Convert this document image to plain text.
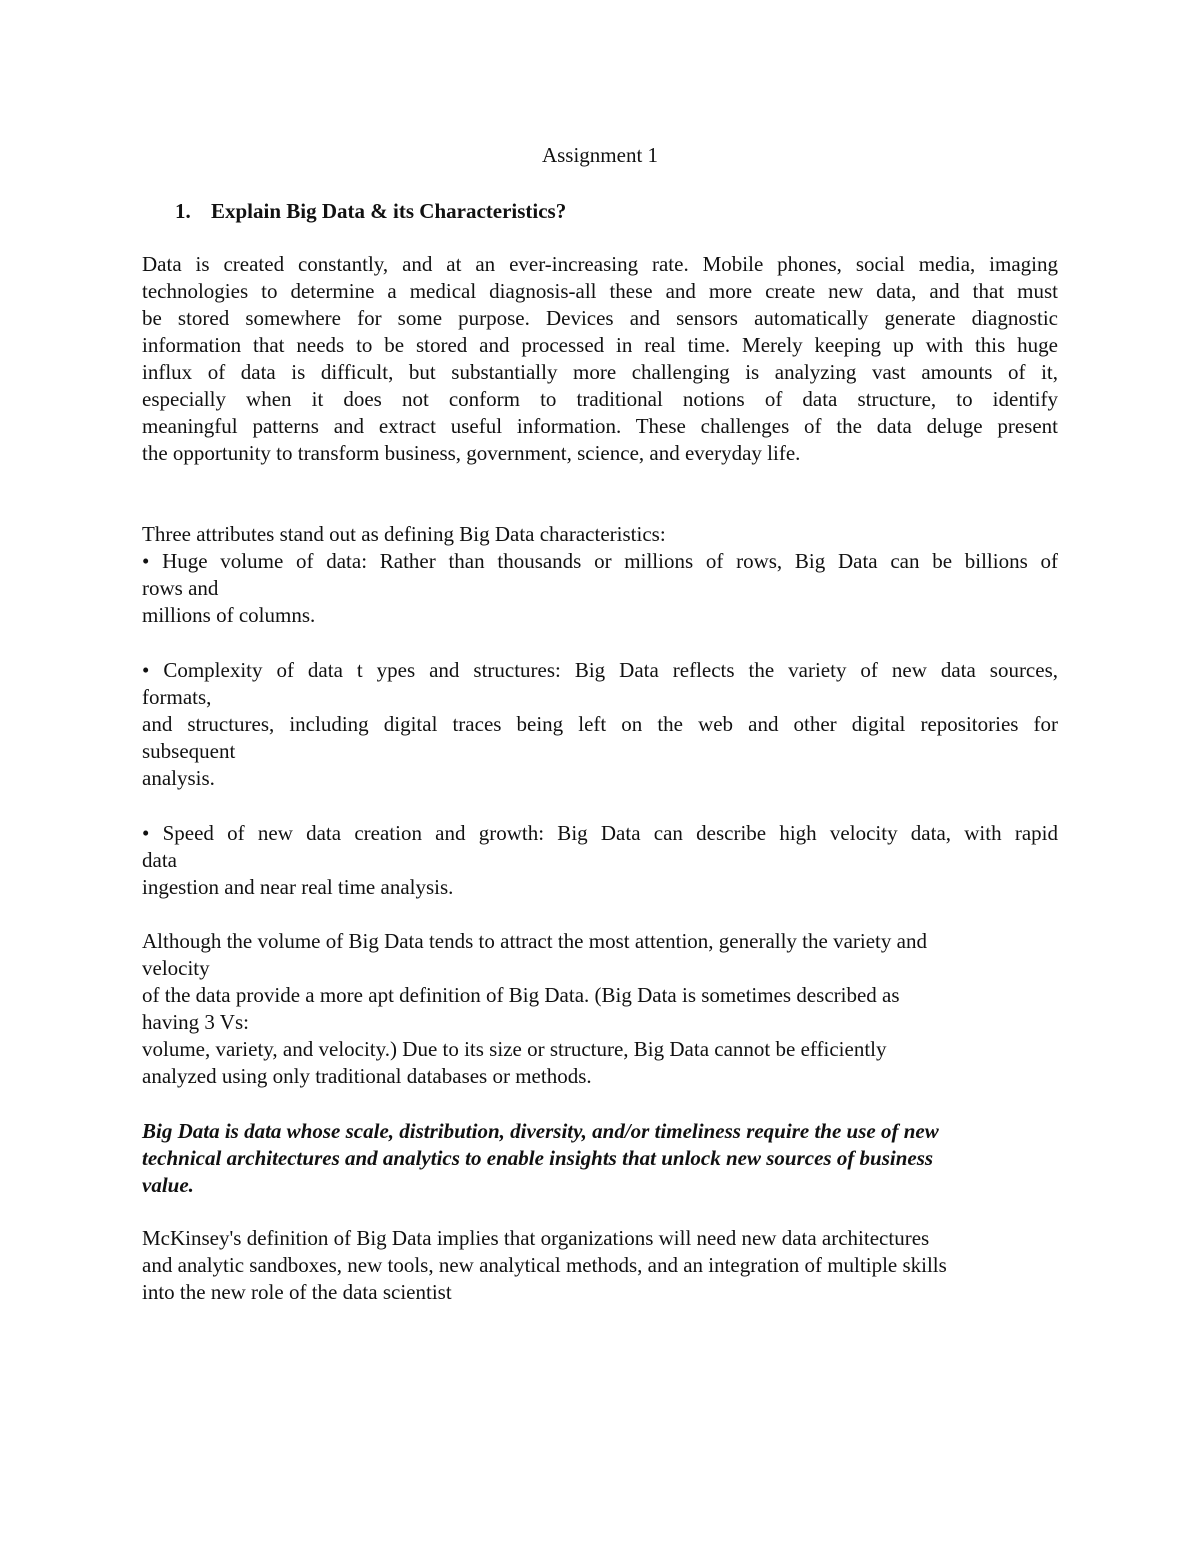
Assignment 1
1. Explain Big Data & its Characteristics?
Data is created constantly, and at an ever-increasing rate. Mobile phones, social media, imaging
technologies to determine a medical diagnosis-all these and more create new data, and that must
be stored somewhere for some purpose. Devices and sensors automatically generate diagnostic
information that needs to be stored and processed in real time. Merely keeping up with this huge
influx of data is difficult, but substantially more challenging is analyzing vast amounts of it,
especially when it does not conform to traditional notions of data structure, to identify
meaningful patterns and extract useful information. These challenges of the data deluge present
the opportunity to transform business, government, science, and everyday life.
Three attributes stand out as defining Big Data characteristics:
• Huge volume of data: Rather than thousands or millions of rows, Big Data can be billions of
rows and
millions of columns.
• Complexity of data t ypes and structures: Big Data reflects the variety of new data sources,
formats,
and structures, including digital traces being left on the web and other digital repositories for
subsequent
analysis.
• Speed of new data creation and growth: Big Data can describe high velocity data, with rapid
data
ingestion and near real time analysis.
Although the volume of Big Data tends to attract the most attention, generally the variety and
velocity
of the data provide a more apt definition of Big Data. (Big Data is sometimes described as
having 3 Vs:
volume, variety, and velocity.) Due to its size or structure, Big Data cannot be efficiently
analyzed using only traditional databases or methods.
Big Data is data whose scale, distribution, diversity, and/or timeliness require the use of new
technical architectures and analytics to enable insights that unlock new sources of business
value.
McKinsey's definition of Big Data implies that organizations will need new data architectures
and analytic sandboxes, new tools, new analytical methods, and an integration of multiple skills
into the new role of the data scientist
